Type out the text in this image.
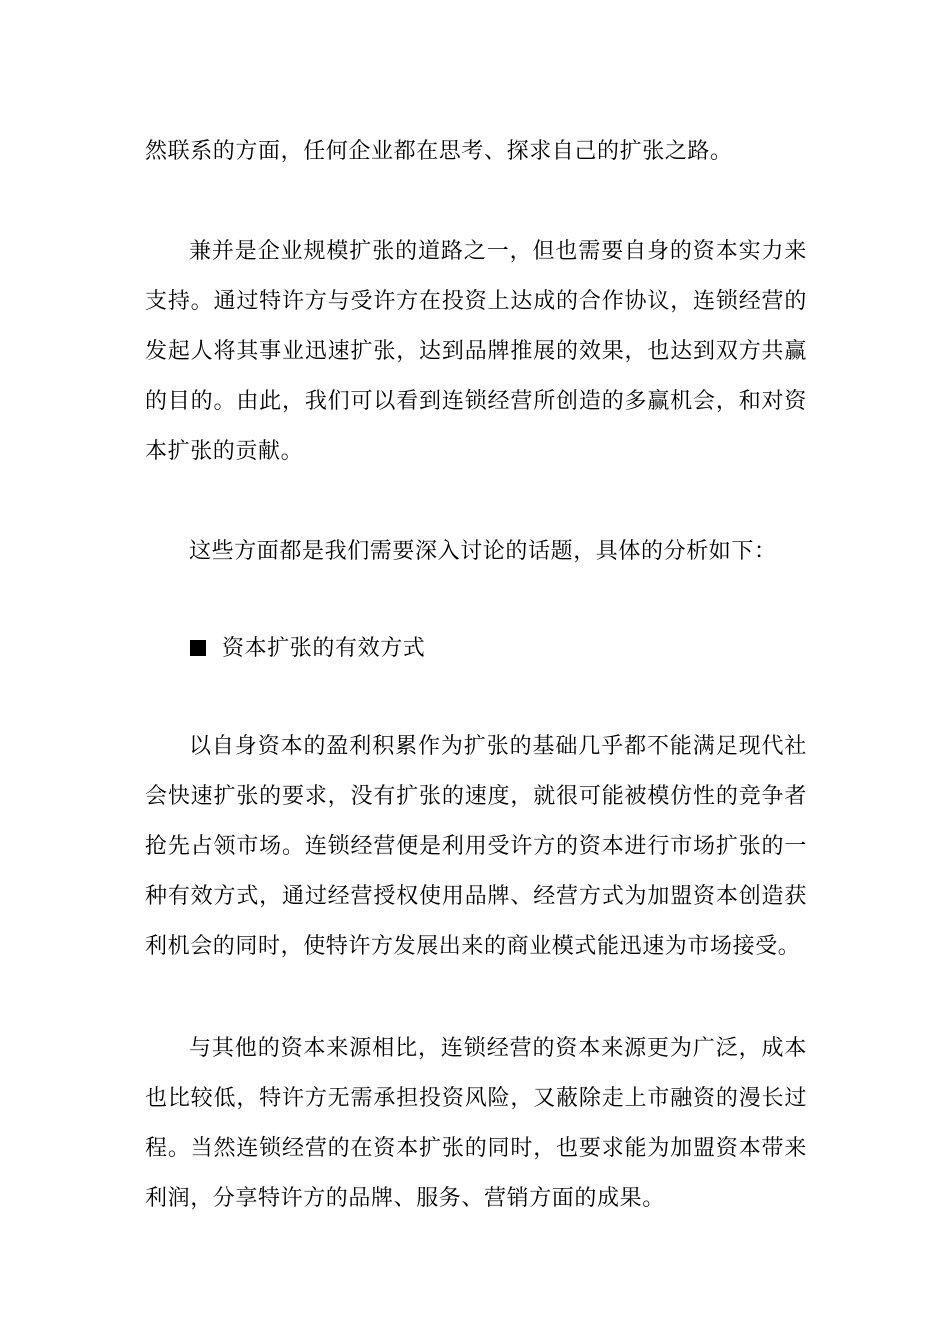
然联系的方面，任何企业都在思考、探求自己的扩张之路。

兼并是企业规模扩张的道路之一，但也需要自身的资本实力来支持。通过特许方与受许方在投资上达成的合作协议，连锁经营的发起人将其事业迅速扩张，达到品牌推展的效果，也达到双方共赢的目的。由此，我们可以看到连锁经营所创造的多赢机会，和对资本扩张的贡献。

这些方面都是我们需要深入讨论的话题，具体的分析如下：

资本扩张的有效方式

以自身资本的盈利积累作为扩张的基础几乎都不能满足现代社会快速扩张的要求，没有扩张的速度，就很可能被模仿性的竞争者抢先占领市场。连锁经营便是利用受许方的资本进行市场扩张的一种有效方式，通过经营授权使用品牌、经营方式为加盟资本创造获利机会的同时，使特许方发展出来的商业模式能迅速为市场接受。

与其他的资本来源相比，连锁经营的资本来源更为广泛，成本也比较低，特许方无需承担投资风险，又蔽除走上市融资的漫长过程。当然连锁经营的在资本扩张的同时，也要求能为加盟资本带来利润，分享特许方的品牌、服务、营销方面的成果。
